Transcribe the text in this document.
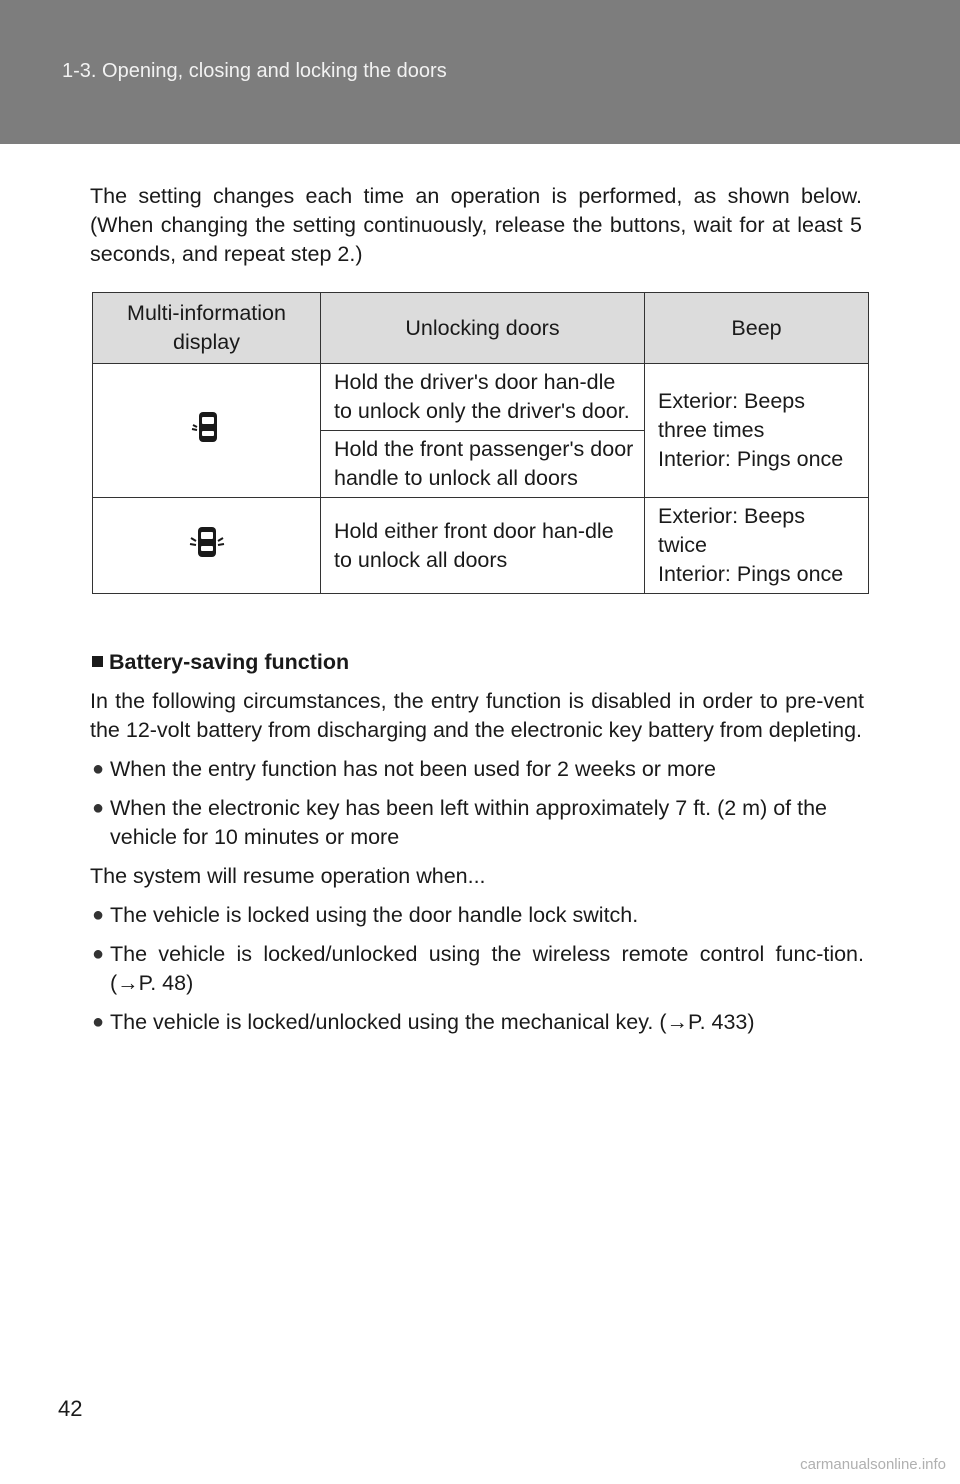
1-3. Opening, closing and locking the doors

The setting changes each time an operation is performed, as shown below. (When changing the setting continuously, release the buttons, wait for at least 5 seconds, and repeat step 2.)

Multi-information display	Unlocking doors	Beep
	Hold the driver's door han-dle to unlock only the driver's door.	Exterior: Beeps three times
Interior: Pings once
	Hold the front passenger's door handle to unlock all doors	
	Hold either front door han-dle to unlock all doors	Exterior: Beeps twice
Interior: Pings once
Battery-saving function

In the following circumstances, the entry function is disabled in order to pre-vent the 12-volt battery from discharging and the electronic key battery from depleting.

● When the entry function has not been used for 2 weeks or more
● When the electronic key has been left within approximately 7 ft. (2 m) of the vehicle for 10 minutes or more

The system will resume operation when...

● The vehicle is locked using the door handle lock switch.
● The vehicle is locked/unlocked using the wireless remote control func-tion. (→P. 48)
● The vehicle is locked/unlocked using the mechanical key. (→P. 433)
42
carmanualsonline.info
